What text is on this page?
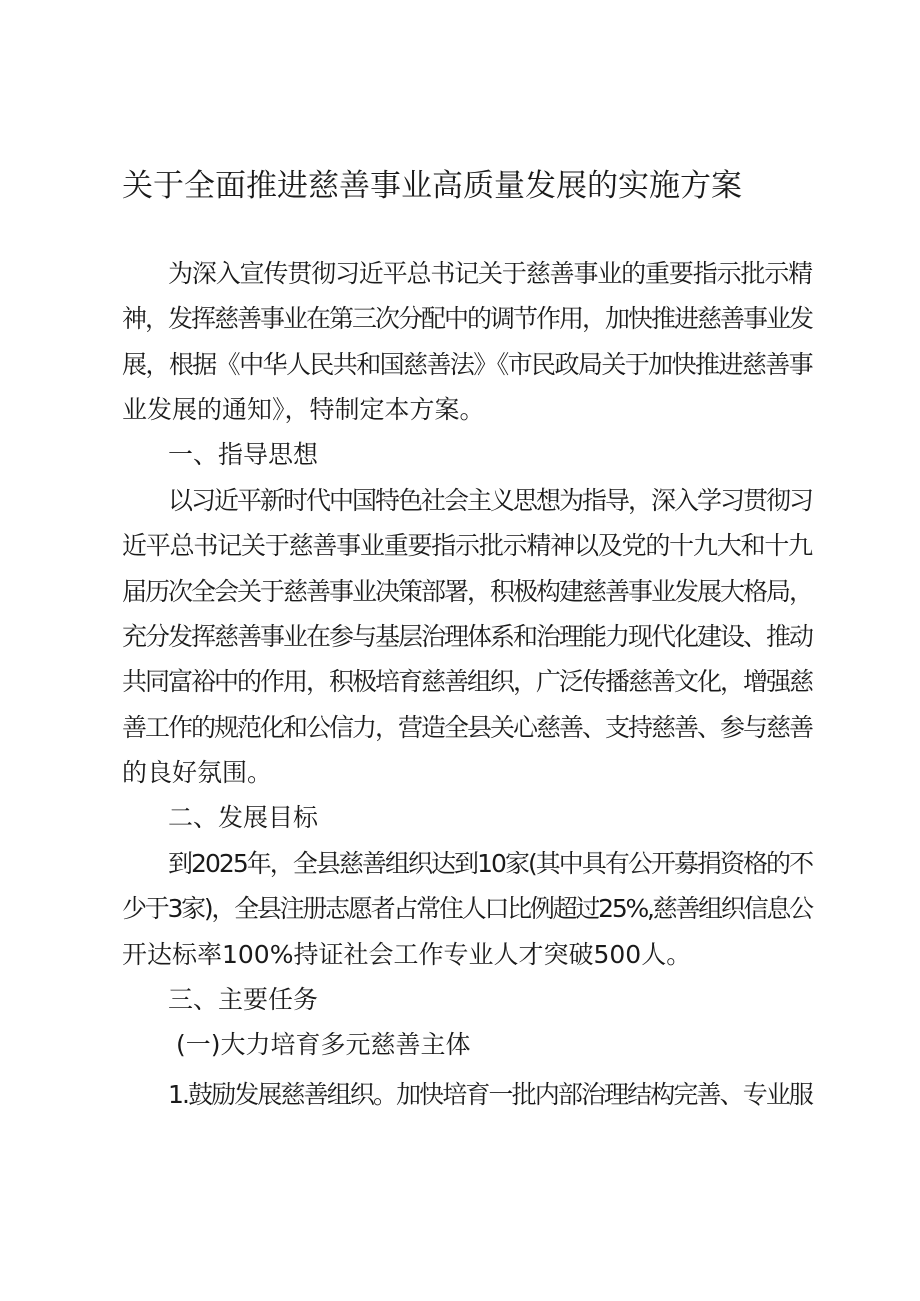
关于全面推进慈善事业高质量发展的实施方案
为深入宣传贯彻习近平总书记关于慈善事业的重要指示批示精
神，发挥慈善事业在第三次分配中的调节作用，加快推进慈善事业发
展，根据《中华人民共和国慈善法》《市民政局关于加快推进慈善事
业发展的通知》，特制定本方案。
一、指导思想
以习近平新时代中国特色社会主义思想为指导，深入学习贯彻习
近平总书记关于慈善事业重要指示批示精神以及党的十九大和十九
届历次全会关于慈善事业决策部署，积极构建慈善事业发展大格局，
充分发挥慈善事业在参与基层治理体系和治理能力现代化建设、推动
共同富裕中的作用，积极培育慈善组织，广泛传播慈善文化，增强慈
善工作的规范化和公信力，营造全县关心慈善、支持慈善、参与慈善
的良好氛围。
二、发展目标
到2025年，全县慈善组织达到10家(其中具有公开募捐资格的不
少于3家)，全县注册志愿者占常住人口比例超过25%,慈善组织信息公
开达标率100%持证社会工作专业人才突破500人。
三、主要任务
(一)大力培育多元慈善主体
1.鼓励发展慈善组织。加快培育一批内部治理结构完善、专业服
